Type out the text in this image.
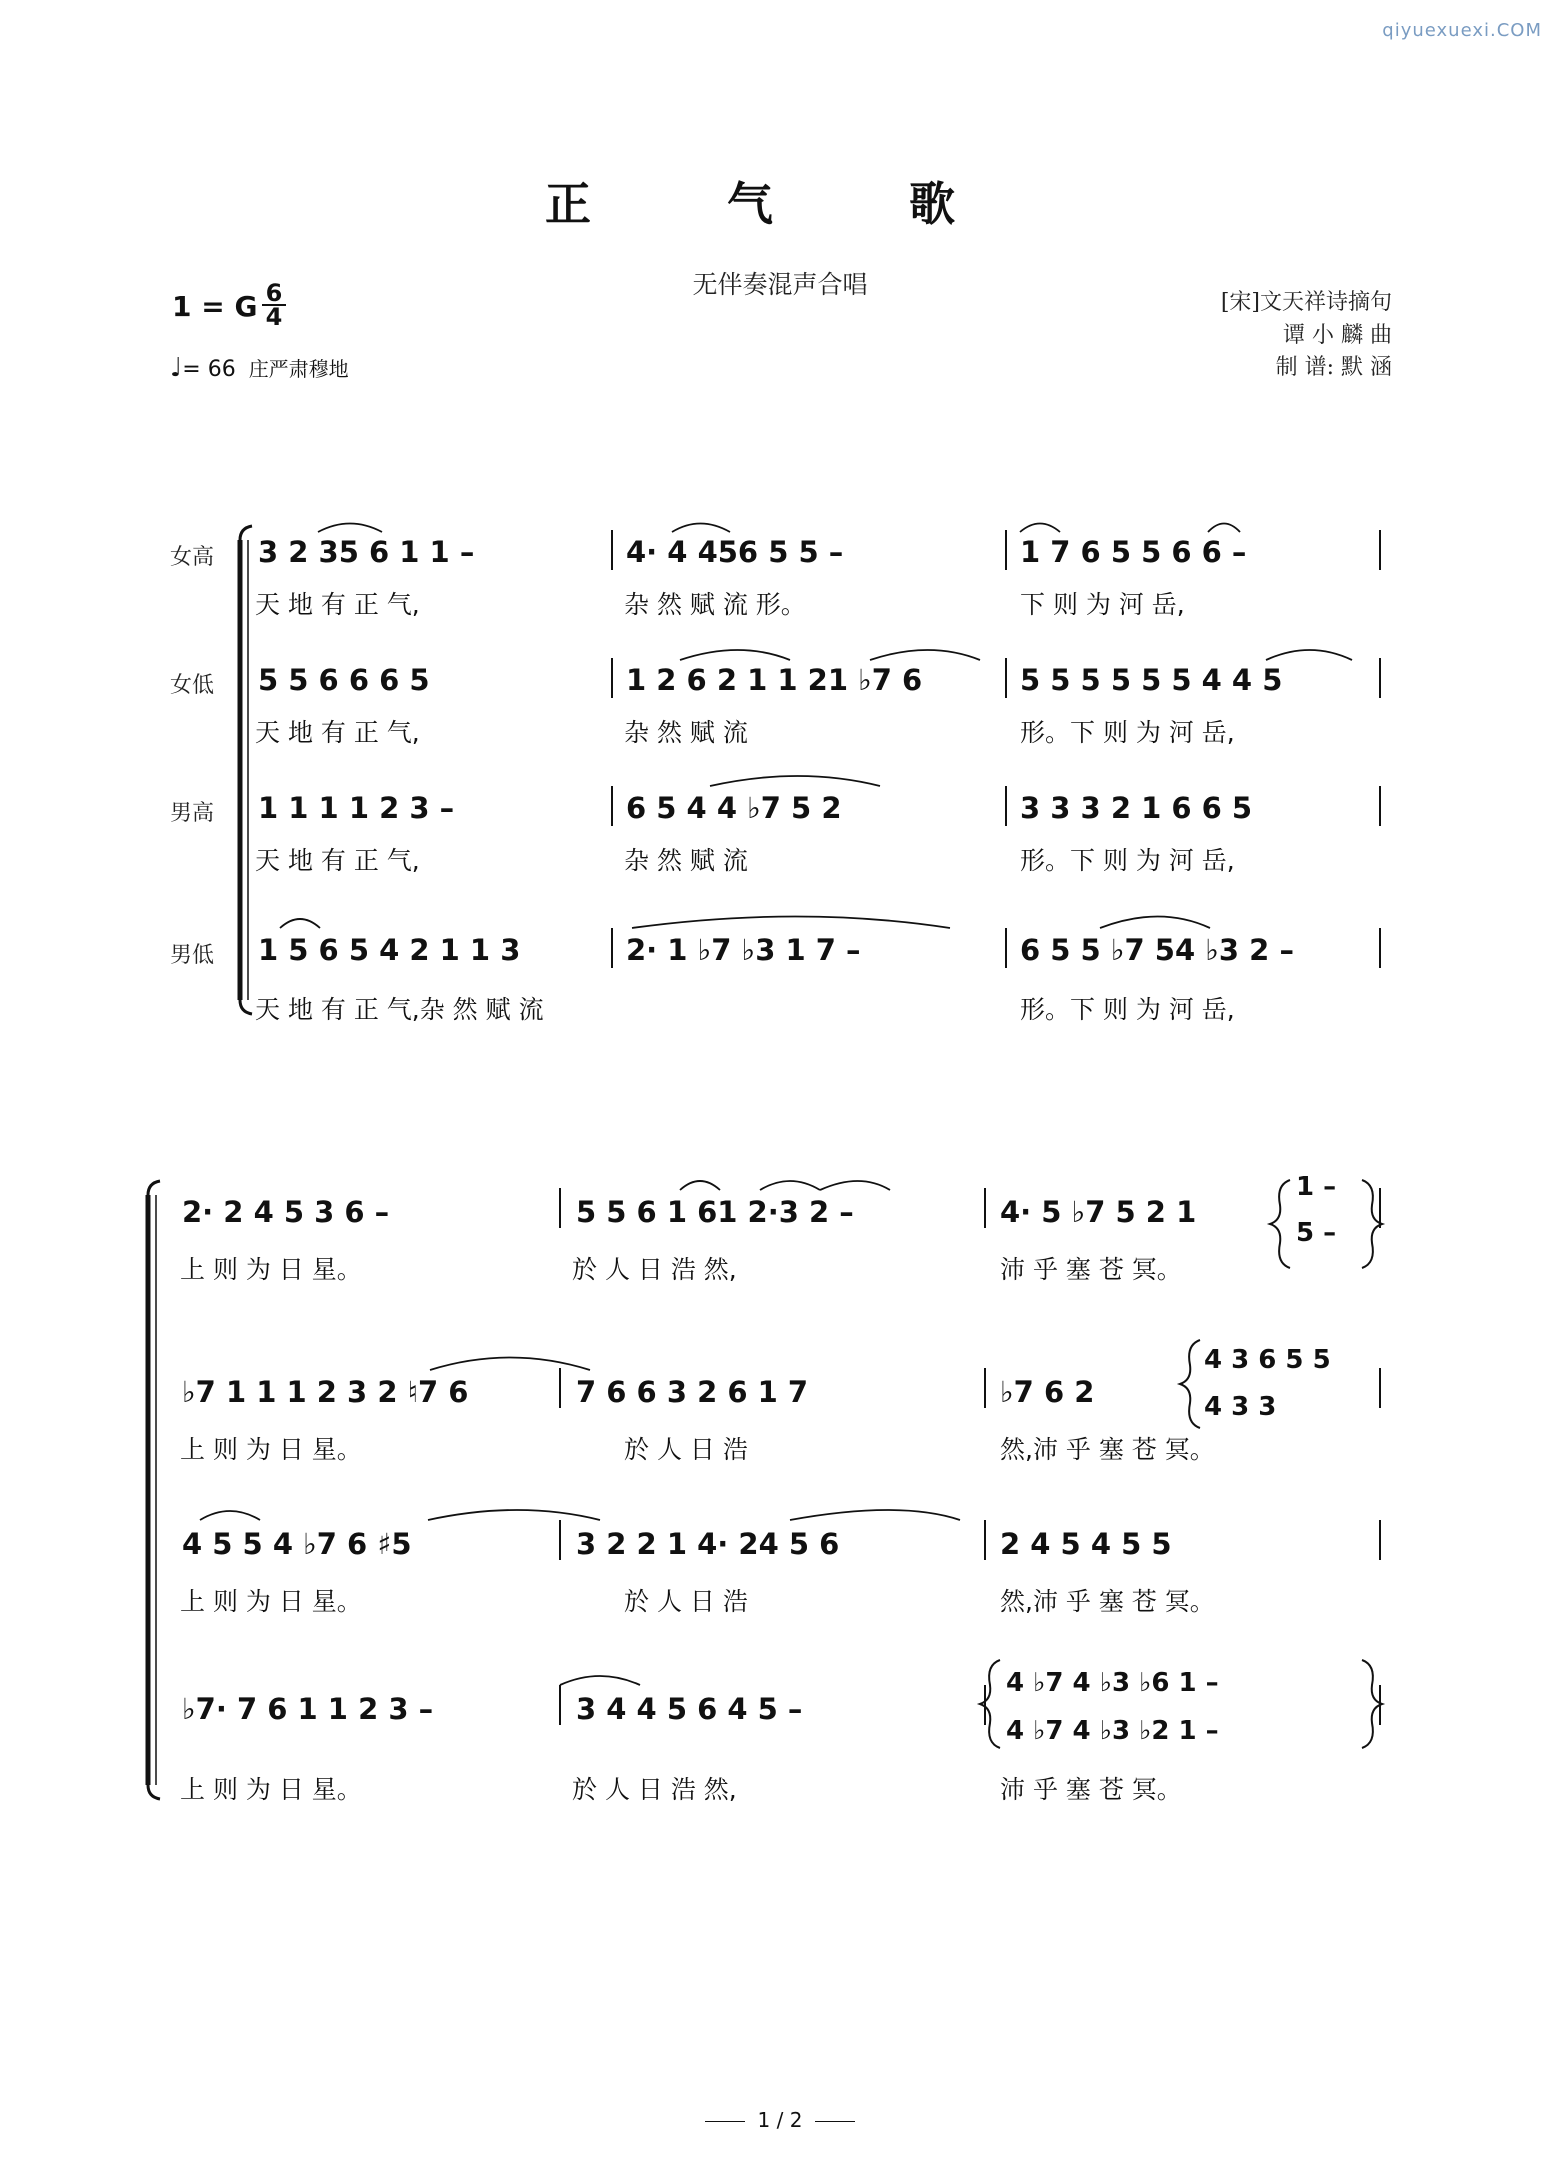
qiyuexuexi.COM
正 气 歌
无伴奏混声合唱
1 = G 6
4
♩= 66 庄严肃穆地
[宋]文天祥诗摘句
谭 小 麟 曲
制 谱: 默 涵
女高 3 2 35 6 1 1 –	4· 4 456 5 5 –	1 7 6 5 5 6 6 –
天 地 有 正 气,	杂 然 赋 流 形。	下 则 为 河 岳,
女低 5 5 6 6 6 5	1 2 6 2 1 1 21 ♭7 6	5 5 5 5 5 5 4 4 5
天 地 有 正 气,	杂 然 赋 流	形。下 则 为 河 岳,
男高 1 1 1 1 2 3 –	6 5 4 4 ♭7 5 2	3 3 3 2 1 6 6 5
天 地 有 正 气,	杂 然 赋 流	形。下 则 为 河 岳,
男低 1 5 6 5 4 2 1 1 3	2· 1 ♭7 ♭3 1 7 –	6 5 5 ♭7 54 ♭3 2 –
天 地 有 正 气,杂 然 赋 流	形。下 则 为 河 岳,
2· 2 4 5 3 6 –	5 5 6 1 61 2·3 2 –	4· 5 ♭7 5 2 1
1 –
5 –
上 则 为 日 星。	於 人 日 浩 然,	沛 乎 塞 苍 冥。
♭7 1 1 1 2 3 2 ♮7 6	7 6 6 3 2 6 1 7	♭7 6 2
4 3 6 5 5
4 3 3
上 则 为 日 星。	於 人 日 浩	然,沛 乎 塞 苍 冥。
4 5 5 4 ♭7 6 ♯5	3 2 2 1 4· 24 5 6	2 4 5 4 5 5
上 则 为 日 星。	於 人 日 浩	然,沛 乎 塞 苍 冥。
♭7· 7 6 1 1 2 3 –	3 4 4 5 6 4 5 –
4 ♭7 4 ♭3 ♭6 1 –
4 ♭7 4 ♭3 ♭2 1 –
上 则 为 日 星。	於 人 日 浩 然,	沛 乎 塞 苍 冥。
1 / 2
